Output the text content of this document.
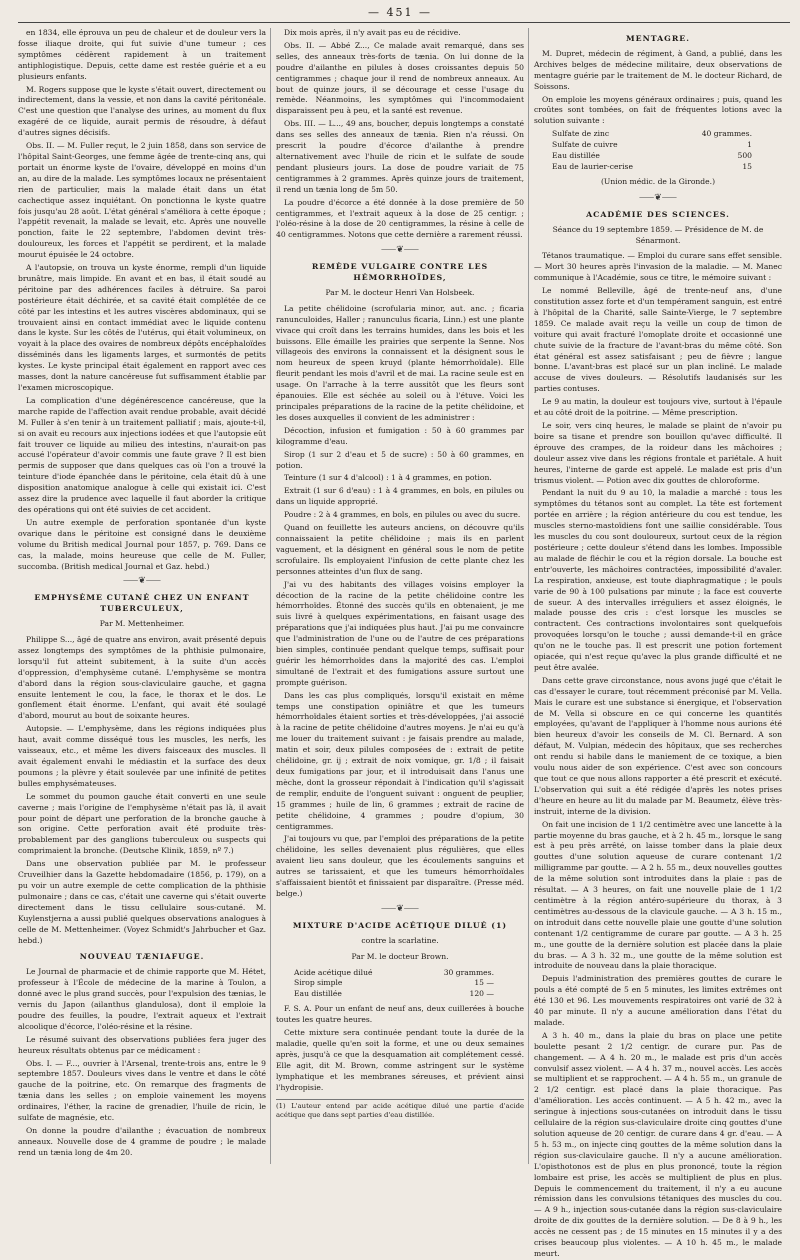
— 451 —

en 1834, elle éprouva un peu de chaleur et de douleur vers la fosse iliaque droite, qui fut suivie d'une tumeur ; ces symptômes cédèrent rapidement à un traitement antiphlogistique. Depuis, cette dame est restée guérie et a eu plusieurs enfants.

M. Rogers suppose que le kyste s'était ouvert, directement ou indirectement, dans la vessie, et non dans la cavité péritonéale. C'est une question que l'analyse des urines, au moment du flux exagéré de ce liquide, aurait permis de résoudre, à défaut d'autres signes décisifs.

Obs. II. — M. Fuller reçut, le 2 juin 1858, dans son service de l'hôpital Saint-Georges, une femme âgée de trente-cinq ans, qui portait un énorme kyste de l'ovaire, développé en moins d'un an, au dire de la malade. Les symptômes locaux ne présentaient rien de particulier, mais la malade était dans un état cachectique assez inquiétant. On ponctionna le kyste quatre fois jusqu'au 28 août. L'état général s'améliora à cette époque ; l'appétit revenait, la malade se levait, etc. Après une nouvelle ponction, faite le 22 septembre, l'abdomen devint très-douloureux, les forces et l'appétit se perdirent, et la malade mourut épuisée le 24 octobre.

A l'autopsie, on trouva un kyste énorme, rempli d'un liquide brunâtre, mais limpide. En avant et en bas, il était soudé au péritoine par des adhérences faciles à détruire. Sa paroi postérieure était déchirée, et sa cavité était complétée de ce côté par les intestins et les autres viscères abdominaux, qui se trouvaient ainsi en contact immédiat avec le liquide contenu dans le kyste. Sur les côtés de l'utérus, qui était volumineux, on voyait à la place des ovaires de nombreux dépôts encéphaloïdes disséminés dans les ligaments larges, et surmontés de petits kystes. Le kyste principal était également en rapport avec ces masses, dont la nature cancéreuse fut suffisamment établie par l'examen microscopique.

La complication d'une dégénérescence cancéreuse, que la marche rapide de l'affection avait rendue probable, avait décidé M. Fuller à s'en tenir à un traitement palliatif ; mais, ajoute-t-il, si on avait eu recours aux injections iodées et que l'autopsie eût fait trouver ce liquide au milieu des intestins, n'aurait-on pas accusé l'opérateur d'avoir commis une faute grave ? Il est bien permis de supposer que dans quelques cas où l'on a trouvé la teinture d'iode épanchée dans le péritoine, cela était dû à une disposition anatomique analogue à celle qui existait ici. C'est assez dire la prudence avec laquelle il faut aborder la critique des opérations qui ont été suivies de cet accident.

Un autre exemple de perforation spontanée d'un kyste ovarique dans le péritoine est consigné dans le deuxième volume du British medical Journal pour 1857, p. 769. Dans ce cas, la malade, moins heureuse que celle de M. Fuller, succomba. (British medical Journal et Gaz. hebd.)

⸺❦⸺
EMPHYSÈME CUTANÉ CHEZ UN ENFANT TUBERCULEUX,
Par M. Mettenheimer.

Philippe S..., âgé de quatre ans environ, avait présenté depuis assez longtemps des symptômes de la phthisie pulmonaire, lorsqu'il fut atteint subitement, à la suite d'un accès d'oppression, d'emphysème cutané. L'emphysème se montra d'abord dans la région sous-claviculaire gauche, et gagna ensuite lentement le cou, la face, le thorax et le dos. Le gonflement était énorme. L'enfant, qui avait été soulagé d'abord, mourut au bout de soixante heures.

Autopsie. — L'emphysème, dans les régions indiquées plus haut, avait comme disséqué tous les muscles, les nerfs, les vaisseaux, etc., et même les divers faisceaux des muscles. Il avait également envahi le médiastin et la surface des deux poumons ; la plèvre y était soulevée par une infinité de petites bulles emphysémateuses.

Le sommet du poumon gauche était converti en une seule caverne ; mais l'origine de l'emphysème n'était pas là, il avait pour point de départ une perforation de la bronche gauche à son origine. Cette perforation avait été produite très-probablement par des ganglions tuberculeux ou suspects qui comprimaient la bronche. (Deutsche Klinik, 1859, nº 7.)

Dans une observation publiée par M. le professeur Cruveilhier dans la Gazette hebdomadaire (1856, p. 179), on a pu voir un autre exemple de cette complication de la phthisie pulmonaire ; dans ce cas, c'était une caverne qui s'était ouverte directement dans le tissu cellulaire sous-cutané. M. Kuylenstjerna a aussi publié quelques observations analogues à celle de M. Mettenheimer. (Voyez Schmidt's Jahrbucher et Gaz. hebd.)

NOUVEAU TÆNIAFUGE.

Le Journal de pharmacie et de chimie rapporte que M. Hétet, professeur à l'École de médecine de la marine à Toulon, a donné avec le plus grand succès, pour l'expulsion des tænias, le vernis du Japon (ailanthus glandulosa), dont il emploie la poudre des feuilles, la poudre, l'extrait aqueux et l'extrait alcoolique d'écorce, l'oléo-résine et la résine.

Le résumé suivant des observations publiées fera juger des heureux résultats obtenus par ce médicament :

Obs. I. — F..., ouvrier à l'Arsenal, trente-trois ans, entre le 9 septembre 1857. Douleurs vives dans le ventre et dans le côté gauche de la poitrine, etc. On remarque des fragments de tænia dans les selles ; on emploie vainement les moyens ordinaires, l'éther, la racine de grenadier, l'huile de ricin, le sulfate de magnésie, etc.

On donne la poudre d'ailanthe ; évacuation de nombreux anneaux. Nouvelle dose de 4 gramme de poudre ; le malade rend un tænia long de 4m 20.

Dix mois après, il n'y avait pas eu de récidive.

Obs. II. — Abbé Z..., Ce malade avait remarqué, dans ses selles, des anneaux très-forts de tænia. On lui donne de la poudre d'ailanthe en pilules à doses croissantes depuis 50 centigrammes ; chaque jour il rend de nombreux anneaux. Au bout de quinze jours, il se décourage et cesse l'usage du remède. Néanmoins, les symptômes qui l'incommodaient disparaissent peu à peu, et la santé est revenue.

Obs. III. — L..., 49 ans, boucher, depuis longtemps a constaté dans ses selles des anneaux de tænia. Rien n'a réussi. On prescrit la poudre d'écorce d'ailanthe à prendre alternativement avec l'huile de ricin et le sulfate de soude pendant plusieurs jours. La dose de poudre variait de 75 centigrammes à 2 grammes. Après quinze jours de traitement, il rend un tænia long de 5m 50.

La poudre d'écorce a été donnée à la dose première de 50 centigrammes, et l'extrait aqueux à la dose de 25 centigr. ; l'oléo-résine à la dose de 20 centigrammes, la résine à celle de 40 centigrammes. Notons que cette dernière a rarement réussi.

⸺❦⸺
REMÈDE VULGAIRE CONTRE LES HÉMORRHOÏDES,
Par M. le docteur Henri Van Holsbeek.

La petite chélidoine (scrofularia minor, aut. anc. ; ficaria ranunculoides, Haller ; ranunculus ficaria, Linn.) est une plante vivace qui croît dans les terrains humides, dans les bois et les buissons. Elle émaille les prairies que serpente la Senne. Nos villageois des environs la connaissent et la désignent sous le nom heureux de speen kruyd (plante hémorrhoïdale). Elle fleurit pendant les mois d'avril et de mai. La racine seule est en usage. On l'arrache à la terre aussitôt que les fleurs sont épanouies. Elle est séchée au soleil ou à l'étuve. Voici les principales préparations de la racine de la petite chélidoine, et les doses auxquelles il convient de les administrer :

Décoction, infusion et fumigation : 50 à 60 grammes par kilogramme d'eau.

Sirop (1 sur 2 d'eau et 5 de sucre) : 50 à 60 grammes, en potion.

Teinture (1 sur 4 d'alcool) : 1 à 4 grammes, en potion.

Extrait (1 sur 6 d'eau) : 1 à 4 grammes, en bols, en pilules ou dans un liquide approprié.

Poudre : 2 à 4 grammes, en bols, en pilules ou avec du sucre.

Quand on feuillette les auteurs anciens, on découvre qu'ils connaissaient la petite chélidoine ; mais ils en parlent vaguement, et la désignent en général sous le nom de petite scrofulaire. Ils employaient l'infusion de cette plante chez les personnes atteintes d'un flux de sang.

J'ai vu des habitants des villages voisins employer la décoction de la racine de la petite chélidoine contre les hémorrhoïdes. Étonné des succès qu'ils en obtenaient, je me suis livré à quelques expérimentations, en faisant usage des préparations que j'ai indiquées plus haut. J'ai pu me convaincre que l'administration de l'une ou de l'autre de ces préparations bien simples, continuée pendant quelque temps, suffisait pour guérir les hémorrhoïdes dans la majorité des cas. L'emploi simultané de l'extrait et des fumigations assure surtout une prompte guérison.

Dans les cas plus compliqués, lorsqu'il existait en même temps une constipation opiniâtre et que les tumeurs hémorrhoïdales étaient sorties et très-développées, j'ai associé à la racine de petite chélidoine d'autres moyens. Je n'ai eu qu'à me louer du traitement suivant : je faisais prendre au malade, matin et soir, deux pilules composées de : extrait de petite chélidoine, gr. ij ; extrait de noix vomique, gr. 1/8 ; il faisait deux fumigations par jour, et il introduisait dans l'anus une mèche, dont la grosseur répondait à l'indication qu'il s'agissait de remplir, enduite de l'onguent suivant : onguent de peuplier, 15 grammes ; huile de lin, 6 grammes ; extrait de racine de petite chélidoine, 4 grammes ; poudre d'opium, 30 centigrammes.

J'ai toujours vu que, par l'emploi des préparations de la petite chélidoine, les selles devenaient plus régulières, que elles avaient lieu sans douleur, que les écoulements sanguins et autres se tarissaient, et que les tumeurs hémorrhoïdales s'affaissaient bientôt et finissaient par disparaître. (Presse méd. belge.)

⸺❦⸺
MIXTURE D'ACIDE ACÉTIQUE DILUÉ (1)
contre la scarlatine.
Par M. le docteur Brown.
Acide acétique dilué	30 grammes.
Sirop simple	15 —
Eau distillée	120 —

F. S. A. Pour un enfant de neuf ans, deux cuillerées à bouche toutes les quatre heures.

Cette mixture sera continuée pendant toute la durée de la maladie, quelle qu'en soit la forme, et une ou deux semaines après, jusqu'à ce que la desquamation ait complétement cessé. Elle agit, dit M. Brown, comme astringent sur le système lymphatique et les membranes séreuses, et prévient ainsi l'hydropisie.

(1) L'auteur entend par acide acétique dilué une partie d'acide acétique que dans sept parties d'eau distillée.
MENTAGRE.

M. Dupret, médecin de régiment, à Gand, a publié, dans les Archives belges de médecine militaire, deux observations de mentagre guérie par le traitement de M. le docteur Richard, de Soissons.

On emploie les moyens généraux ordinaires ; puis, quand les croûtes sont tombées, on fait de fréquentes lotions avec la solution suivante :

Sulfate de zinc	40 grammes.
Sulfate de cuivre	1
Eau distillée	500
Eau de laurier-cerise	15
(Union médic. de la Gironde.)
⸺❦⸺
ACADÉMIE DES SCIENCES.
Séance du 19 septembre 1859. — Présidence de M. de Sénarmont.

Tétanos traumatique. — Emploi du curare sans effet sensible. — Mort 30 heures après l'invasion de la maladie. — M. Manec communique à l'Académie, sous ce titre, le mémoire suivant :

Le nommé Belleville, âgé de trente-neuf ans, d'une constitution assez forte et d'un tempérament sanguin, est entré à l'hôpital de la Charité, salle Sainte-Vierge, le 7 septembre 1859. Ce malade avait reçu la veille un coup de timon de voiture qui avait fracturé l'omoplate droite et occasionné une chute suivie de la fracture de l'avant-bras du même côté. Son état général est assez satisfaisant ; peu de fièvre ; langue bonne. L'avant-bras est placé sur un plan incliné. Le malade accuse de vives douleurs. — Résolutifs laudanisés sur les parties contuses.

Le 9 au matin, la douleur est toujours vive, surtout à l'épaule et au côté droit de la poitrine. — Même prescription.

Le soir, vers cinq heures, le malade se plaint de n'avoir pu boire sa tisane et prendre son bouillon qu'avec difficulté. Il éprouve des crampes, de la roideur dans les mâchoires ; douleur assez vive dans les régions frontale et pariétale. A huit heures, l'interne de garde est appelé. Le malade est pris d'un trismus violent. — Potion avec dix gouttes de chloroforme.

Pendant la nuit du 9 au 10, la maladie a marché : tous les symptômes du tétanos sont au complet. La tête est fortement portée en arrière ; la région antérieure du cou est tendue, les muscles sterno-mastoïdiens font une saillie considérable. Tous les muscles du cou sont douloureux, surtout ceux de la région postérieure ; cette douleur s'étend dans les lombes. Impossible au malade de fléchir le cou et la région dorsale. La bouche est entr'ouverte, les mâchoires contractées, impossibilité d'avaler. La respiration, anxieuse, est toute diaphragmatique ; le pouls varie de 90 à 100 pulsations par minute ; la face est couverte de sueur. A des intervalles irréguliers et assez éloignés, le malade pousse des cris : c'est lorsque les muscles se contractent. Ces contractions involontaires sont quelquefois provoquées lorsqu'on le touche ; aussi demande-t-il en grâce qu'on ne le touche pas. Il est prescrit une potion fortement opiacée, qui n'est reçue qu'avec la plus grande difficulté et ne peut être avalée.

Dans cette grave circonstance, nous avons jugé que c'était le cas d'essayer le curare, tout récemment préconisé par M. Vella. Mais le curare est une substance si énergique, et l'observation de M. Vella si obscure en ce qui concerne les quantités employées, qu'avant de l'appliquer à l'homme nous aurions été bien heureux d'avoir les conseils de M. Cl. Bernard. A son défaut, M. Vulpian, médecin des hôpitaux, que ses recherches ont rendu si habile dans le maniement de ce toxique, a bien voulu nous aider de son expérience. C'est avec son concours que tout ce que nous allons rapporter a été prescrit et exécuté. L'observation qui suit a été rédigée d'après les notes prises d'heure en heure au lit du malade par M. Beaumetz, élève très-instruit, interne de la division.

On fait une incision de 1 1/2 centimètre avec une lancette à la partie moyenne du bras gauche, et à 2 h. 45 m., lorsque le sang est à peu près arrêté, on laisse tomber dans la plaie deux gouttes d'une solution aqueuse de curare contenant 1/2 milligramme par goutte. — A 2 h. 55 m., deux nouvelles gouttes de la même solution sont introduites dans la plaie : pas de résultat. — A 3 heures, on fait une nouvelle plaie de 1 1/2 centimètre à la région antéro-supérieure du thorax, à 3 centimètres au-dessous de la clavicule gauche. — A 3 h. 15 m., on introduit dans cette nouvelle plaie une goutte d'une solution contenant 1/2 centigramme de curare par goutte. — A 3 h. 25 m., une goutte de la dernière solution est placée dans la plaie du bras. — A 3 h. 32 m., une goutte de la même solution est introduite de nouveau dans la plaie thoracique.

Depuis l'administration des premières gouttes de curare le pouls a été compté de 5 en 5 minutes, les limites extrêmes ont été 130 et 96. Les mouvements respiratoires ont varié de 32 à 40 par minute. Il n'y a aucune amélioration dans l'état du malade.

A 3 h. 40 m., dans la plaie du bras on place une petite boulette pesant 2 1/2 centigr. de curare pur. Pas de changement. — A 4 h. 20 m., le malade est pris d'un accès convulsif assez violent. — A 4 h. 37 m., nouvel accès. Les accès se multiplient et se rapprochent. — A 4 h. 55 m., un granule de 2 1/2 centigr. est placé dans la plaie thoracique. Pas d'amélioration. Les accès continuent. — A 5 h. 42 m., avec la seringue à injections sous-cutanées on introduit dans le tissu cellulaire de la région sus-claviculaire droite cinq gouttes d'une solution aqueuse de 20 centigr. de curare dans 4 gr. d'eau. — A 5 h. 53 m., on injecte cinq gouttes de la même solution dans la région sus-claviculaire gauche. Il n'y a aucune amélioration. L'opisthotonos est de plus en plus prononcé, toute la région lombaire est prise, les accès se multiplient de plus en plus. Depuis le commencement du traitement, il n'y a eu aucune rémission dans les convulsions tétaniques des muscles du cou. — A 9 h., injection sous-cutanée dans la région sus-claviculaire droite de dix gouttes de la dernière solution. — De 8 à 9 h., les accès ne cessent pas ; de 15 minutes en 15 minutes il y a des crises beaucoup plus violentes. — A 10 h. 45 m., le malade meurt.
